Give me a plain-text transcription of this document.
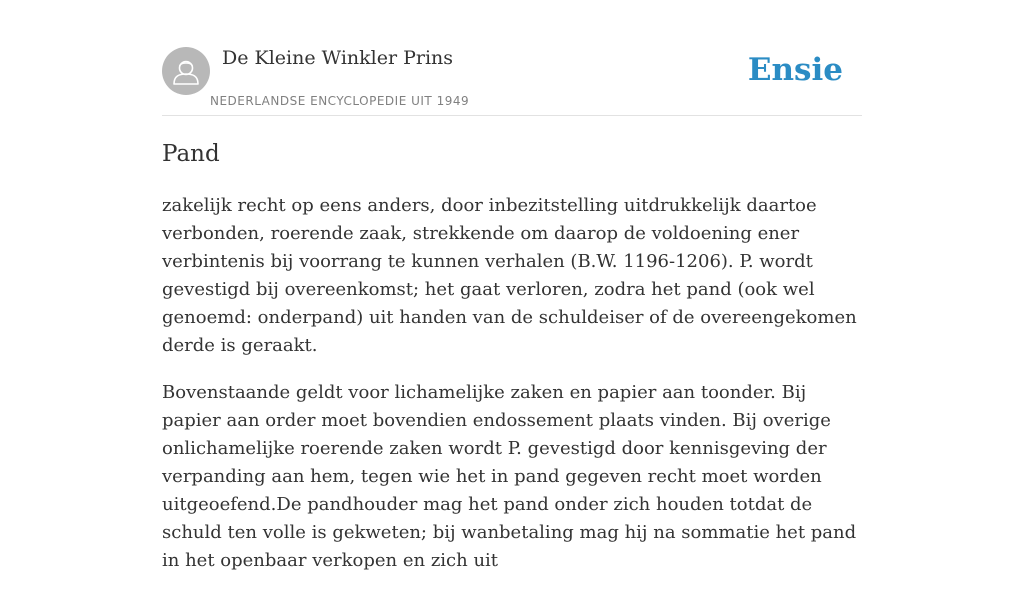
De Kleine Winkler Prins
NEDERLANDSE ENCYCLOPEDIE UIT 1949
Ensie
Pand

zakelijk recht op eens anders, door inbezitstelling uitdrukkelijk daartoe verbonden, roerende zaak, strekkende om daarop de voldoening ener verbintenis bij voorrang te kunnen verhalen (B.W. 1196-1206). P. wordt gevestigd bij overeenkomst; het gaat verloren, zodra het pand (ook wel genoemd: onderpand) uit handen van de schuldeiser of de overeengekomen derde is geraakt.

Bovenstaande geldt voor lichamelijke zaken en papier aan toonder. Bij papier aan order moet bovendien endossement plaats vinden. Bij overige onlichamelijke roerende zaken wordt P. gevestigd door kennisgeving der verpanding aan hem, tegen wie het in pand gegeven recht moet worden uitgeoefend.De pandhouder mag het pand onder zich houden totdat de schuld ten volle is gekweten; bij wanbetaling mag hij na sommatie het pand in het openbaar verkopen en zich uit
